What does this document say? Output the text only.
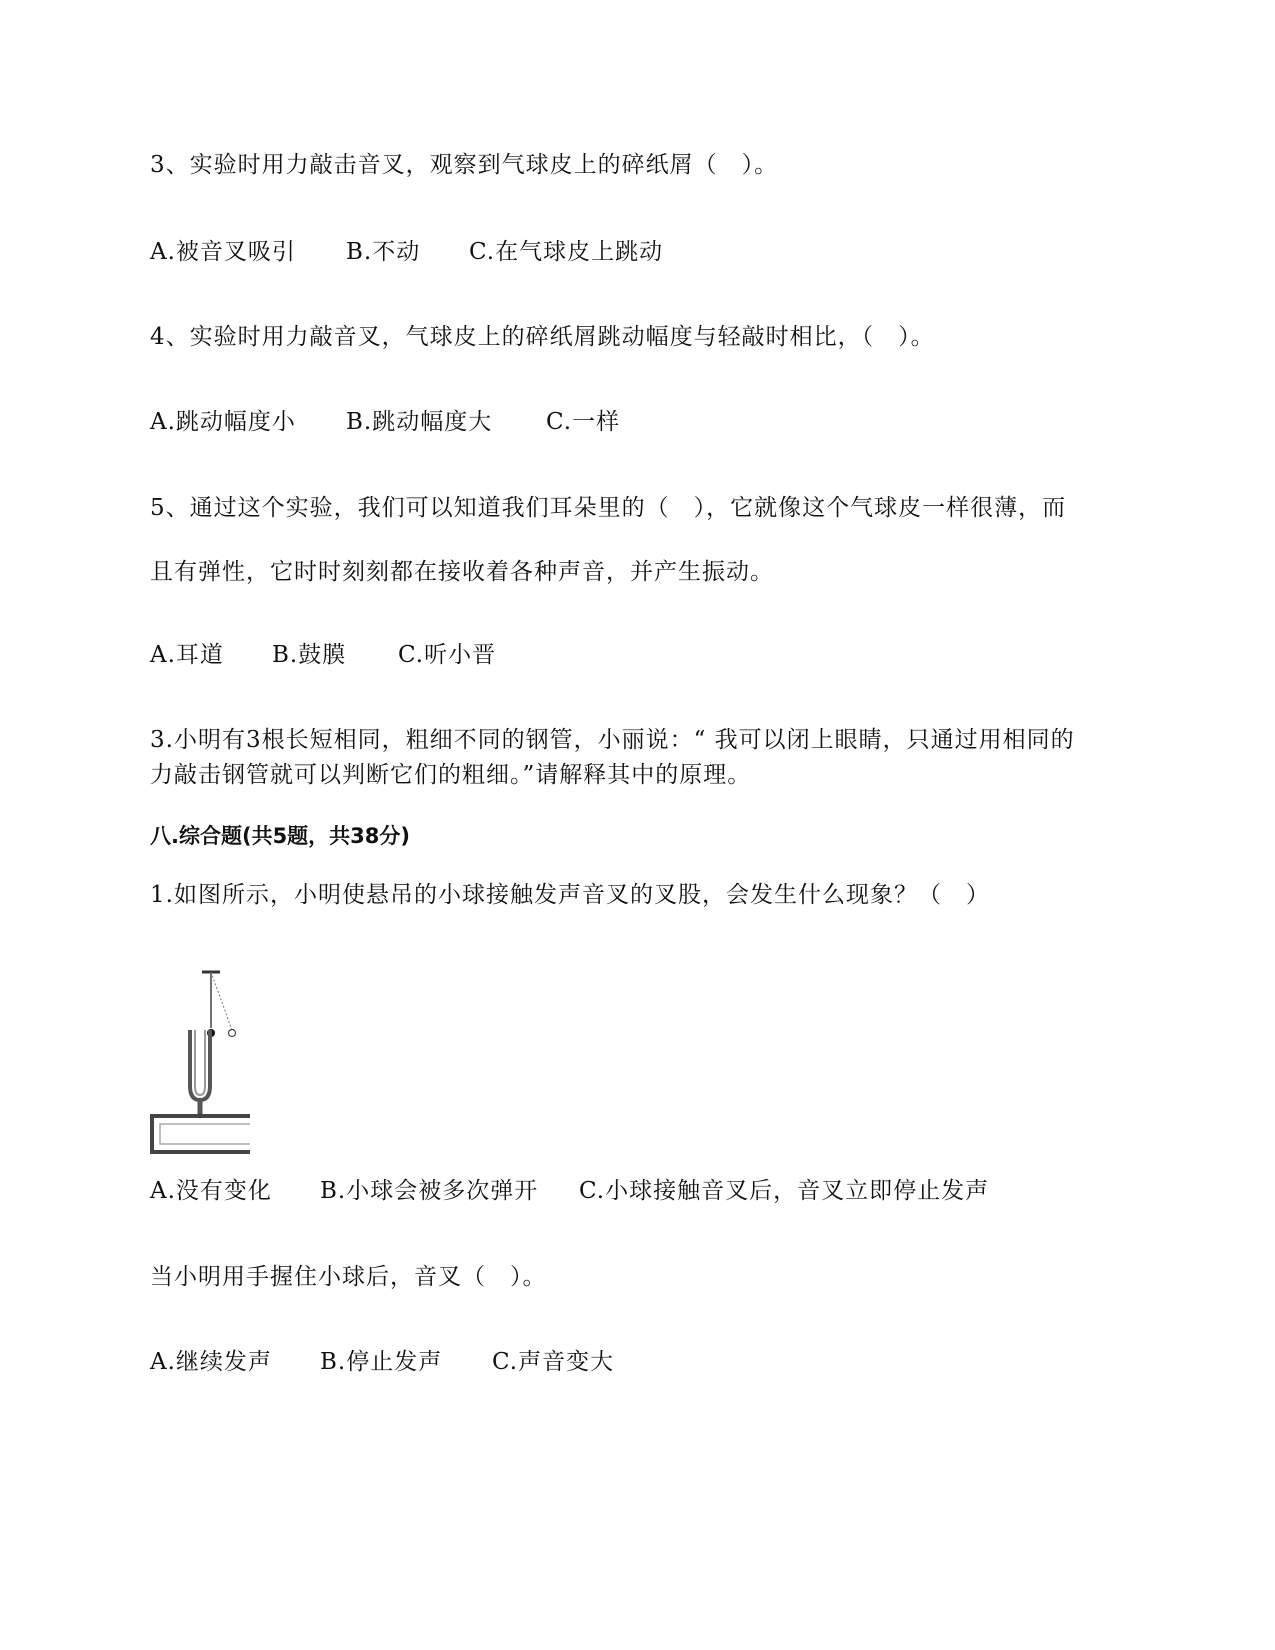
3、实验时用力敲击音叉，观察到气球皮上的碎纸屑（　）。

A.被音叉吸引	B.不动	C.在气球皮上跳动

4、实验时用力敲音叉，气球皮上的碎纸屑跳动幅度与轻敲时相比，（　）。

A.跳动幅度小	B.跳动幅度大	C.一样

5、通过这个实验，我们可以知道我们耳朵里的（　），它就像这个气球皮一样很薄，而

且有弹性，它时时刻刻都在接收着各种声音，并产生振动。

A.耳道	B.鼓膜	C.听小晋

3.小明有3根长短相同，粗细不同的钢管，小丽说：“ 我可以闭上眼睛，只通过用相同的

力敲击钢管就可以判断它们的粗细。”请解释其中的原理。

八.综合题(共5题，共38分)

1.如图所示，小明使悬吊的小球接触发声音叉的叉股，会发生什么现象？（　）

A.没有变化	B.小球会被多次弹开	C.小球接触音叉后，音叉立即停止发声

当小明用手握住小球后，音叉（　）。

A.继续发声	B.停止发声	C.声音变大
